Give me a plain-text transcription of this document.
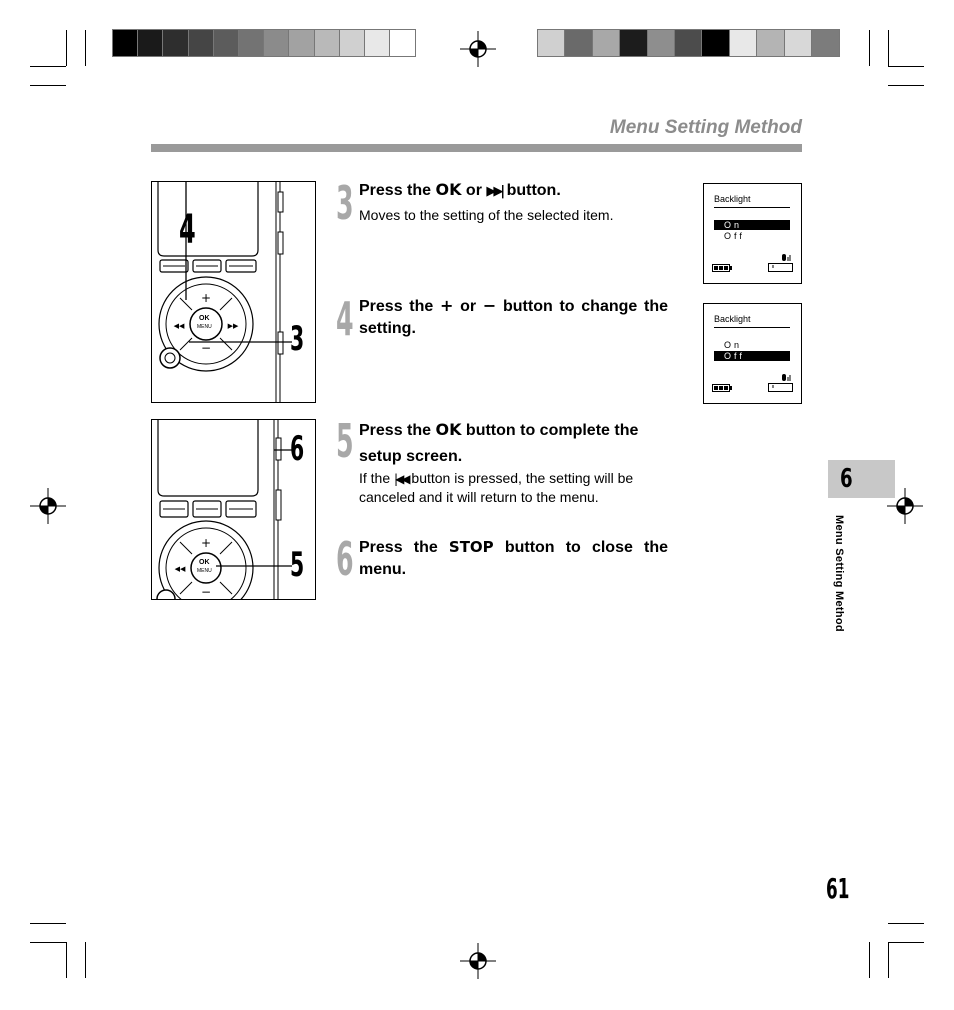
Menu Setting Method
+
−
◀◀	▶▶
OK
MENU
4
3
+
−
◀◀
OK
MENU
6
5
3 Press the OK or ▶▶| button.
Moves to the setting of the selected item.
4 Press the + or − button to change the setting.
5 Press the OK button to complete the setup screen.
If the |◀◀ button is pressed, the setting will be canceled and it will return to the menu.
6 Press the STOP button to close the menu.
Backlight
On
Off
Backlight
On
Off
6
Menu Setting Method
61
